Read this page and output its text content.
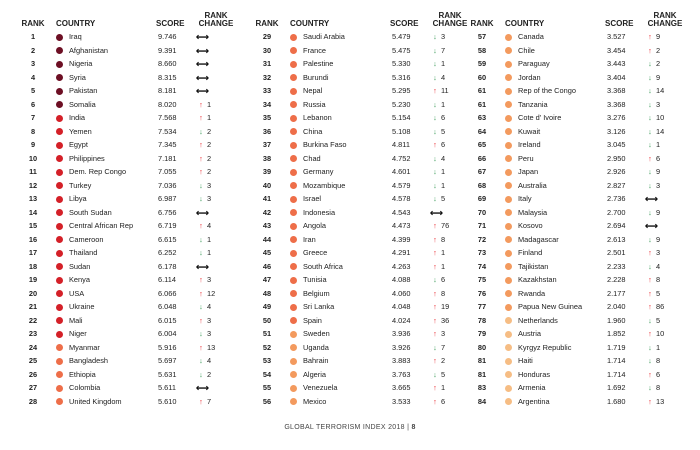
RANK	COUNTRY	SCORE
RANK
CHANGE
1	Iraq	9.746 ⟷
2	Afghanistan	9.391 ⟷
3	Nigeria	8.660 ⟷
4	Syria	8.315 ⟷
5	Pakistan	8.181 ⟷
6	Somalia	8.020	↑ 1
7	India	7.568	↑ 1
8	Yemen	7.534	↓ 2
9	Egypt	7.345	↑ 2
10	Philippines	7.181	↑ 2
11	Dem. Rep Congo	7.055	↑ 2
12	Turkey	7.036	↓ 3
13	Libya	6.987	↓ 3
14	South Sudan	6.756 ⟷
15	Central African Rep	6.719	↑ 4
16	Cameroon	6.615	↓ 1
17	Thailand	6.252	↓ 1
18	Sudan	6.178 ⟷
19	Kenya	6.114	↑ 3
20	USA	6.066	↑ 12
21	Ukraine	6.048	↓ 4
22	Mali	6.015	↑ 3
23	Niger	6.004	↓ 3
24	Myanmar	5.916	↑ 13
25	Bangladesh	5.697	↓ 4
26	Ethiopia	5.631	↓ 2
27	Colombia	5.611 ⟷
28	United Kingdom	5.610	↑ 7
RANK	COUNTRY	SCORE
RANK
CHANGE
29	Saudi Arabia	5.479	↓ 3
30	France	5.475	↓ 7
31	Palestine	5.330	↓ 1
32	Burundi	5.316	↓ 4
33	Nepal	5.295	↑ 11
34	Russia	5.230	↓ 1
35	Lebanon	5.154	↓ 6
36	China	5.108	↓ 5
37	Burkina Faso	4.811	↑ 6
38	Chad	4.752	↓ 4
39	Germany	4.601	↓ 1
40	Mozambique	4.579	↓ 1
41	Israel	4.578	↓ 5
42	Indonesia	4.543 ⟷
43	Angola	4.473	↑ 76
44	Iran	4.399	↑ 8
45	Greece	4.291	↑ 1
46	South Africa	4.263	↑ 1
47	Tunisia	4.088	↓ 6
48	Belgium	4.060	↑ 8
49	Sri Lanka	4.048	↑ 19
50	Spain	4.024	↑ 36
51	Sweden	3.936	↑ 3
52	Uganda	3.926	↓ 7
53	Bahrain	3.883	↑ 2
54	Algeria	3.763	↓ 5
55	Venezuela	3.665	↑ 1
56	Mexico	3.533	↑ 6
RANK	COUNTRY	SCORE
RANK
CHANGE
57	Canada	3.527	↑ 9
58	Chile	3.454	↑ 2
59	Paraguay	3.443	↓ 2
60	Jordan	3.404	↓ 9
61	Rep of the Congo	3.368	↓ 14
61	Tanzania	3.368	↓ 3
63	Cote d' Ivoire	3.276	↓ 10
64	Kuwait	3.126	↓ 14
65	Ireland	3.045	↓ 1
66	Peru	2.950	↑ 6
67	Japan	2.926	↓ 9
68	Australia	2.827	↓ 3
69	Italy	2.736 ⟷
70	Malaysia	2.700	↓ 9
71	Kosovo	2.694 ⟷
72	Madagascar	2.613	↓ 9
73	Finland	2.501	↑ 3
74	Tajikistan	2.233	↓ 4
75	Kazakhstan	2.228	↑ 8
76	Rwanda	2.177	↑ 5
77	Papua New Guinea	2.040	↑ 86
78	Netherlands	1.960	↓ 5
79	Austria	1.852	↑ 10
80	Kyrgyz Republic	1.719	↓ 1
81	Haiti	1.714	↓ 8
81	Honduras	1.714	↑ 6
83	Armenia	1.692	↓ 8
84	Argentina	1.680	↑ 13
GLOBAL TERRORISM INDEX 2018 | 8
